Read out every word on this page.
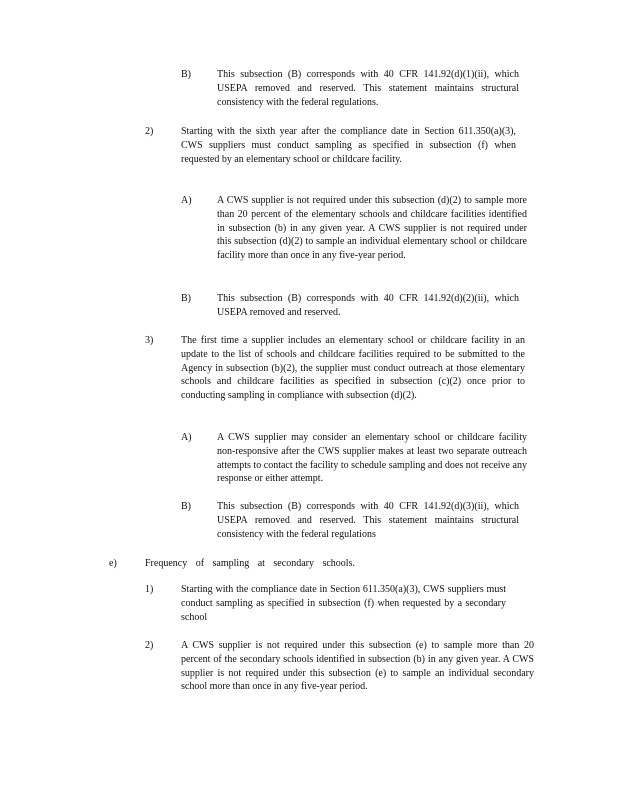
B)	This subsection (B) corresponds with 40 CFR 141.92(d)(1)(ii), which USEPA removed and reserved. This statement maintains structural consistency with the federal regulations.
2)	Starting with the sixth year after the compliance date in Section 611.350(a)(3), CWS suppliers must conduct sampling as specified in subsection (f) when requested by an elementary school or childcare facility.
A)	A CWS supplier is not required under this subsection (d)(2) to sample more than 20 percent of the elementary schools and childcare facilities identified in subsection (b) in any given year. A CWS supplier is not required under this subsection (d)(2) to sample an individual elementary school or childcare facility more than once in any five-year period.
B)	This subsection (B) corresponds with 40 CFR 141.92(d)(2)(ii), which USEPA removed and reserved.
3)	The first time a supplier includes an elementary school or childcare facility in an update to the list of schools and childcare facilities required to be submitted to the Agency in subsection (b)(2), the supplier must conduct outreach at those elementary schools and childcare facilities as specified in subsection (c)(2) once prior to conducting sampling in compliance with subsection (d)(2).
A)	A CWS supplier may consider an elementary school or childcare facility non-responsive after the CWS supplier makes at least two separate outreach attempts to contact the facility to schedule sampling and does not receive any response or either attempt.
B)	This subsection (B) corresponds with 40 CFR 141.92(d)(3)(ii), which USEPA removed and reserved. This statement maintains structural consistency with the federal regulations
e)	Frequency of sampling at secondary schools.
1)	Starting with the compliance date in Section 611.350(a)(3), CWS suppliers must conduct sampling as specified in subsection (f) when requested by a secondary school
2)	A CWS supplier is not required under this subsection (e) to sample more than 20 percent of the secondary schools identified in subsection (b) in any given year. A CWS supplier is not required under this subsection (e) to sample an individual secondary school more than once in any five-year period.
